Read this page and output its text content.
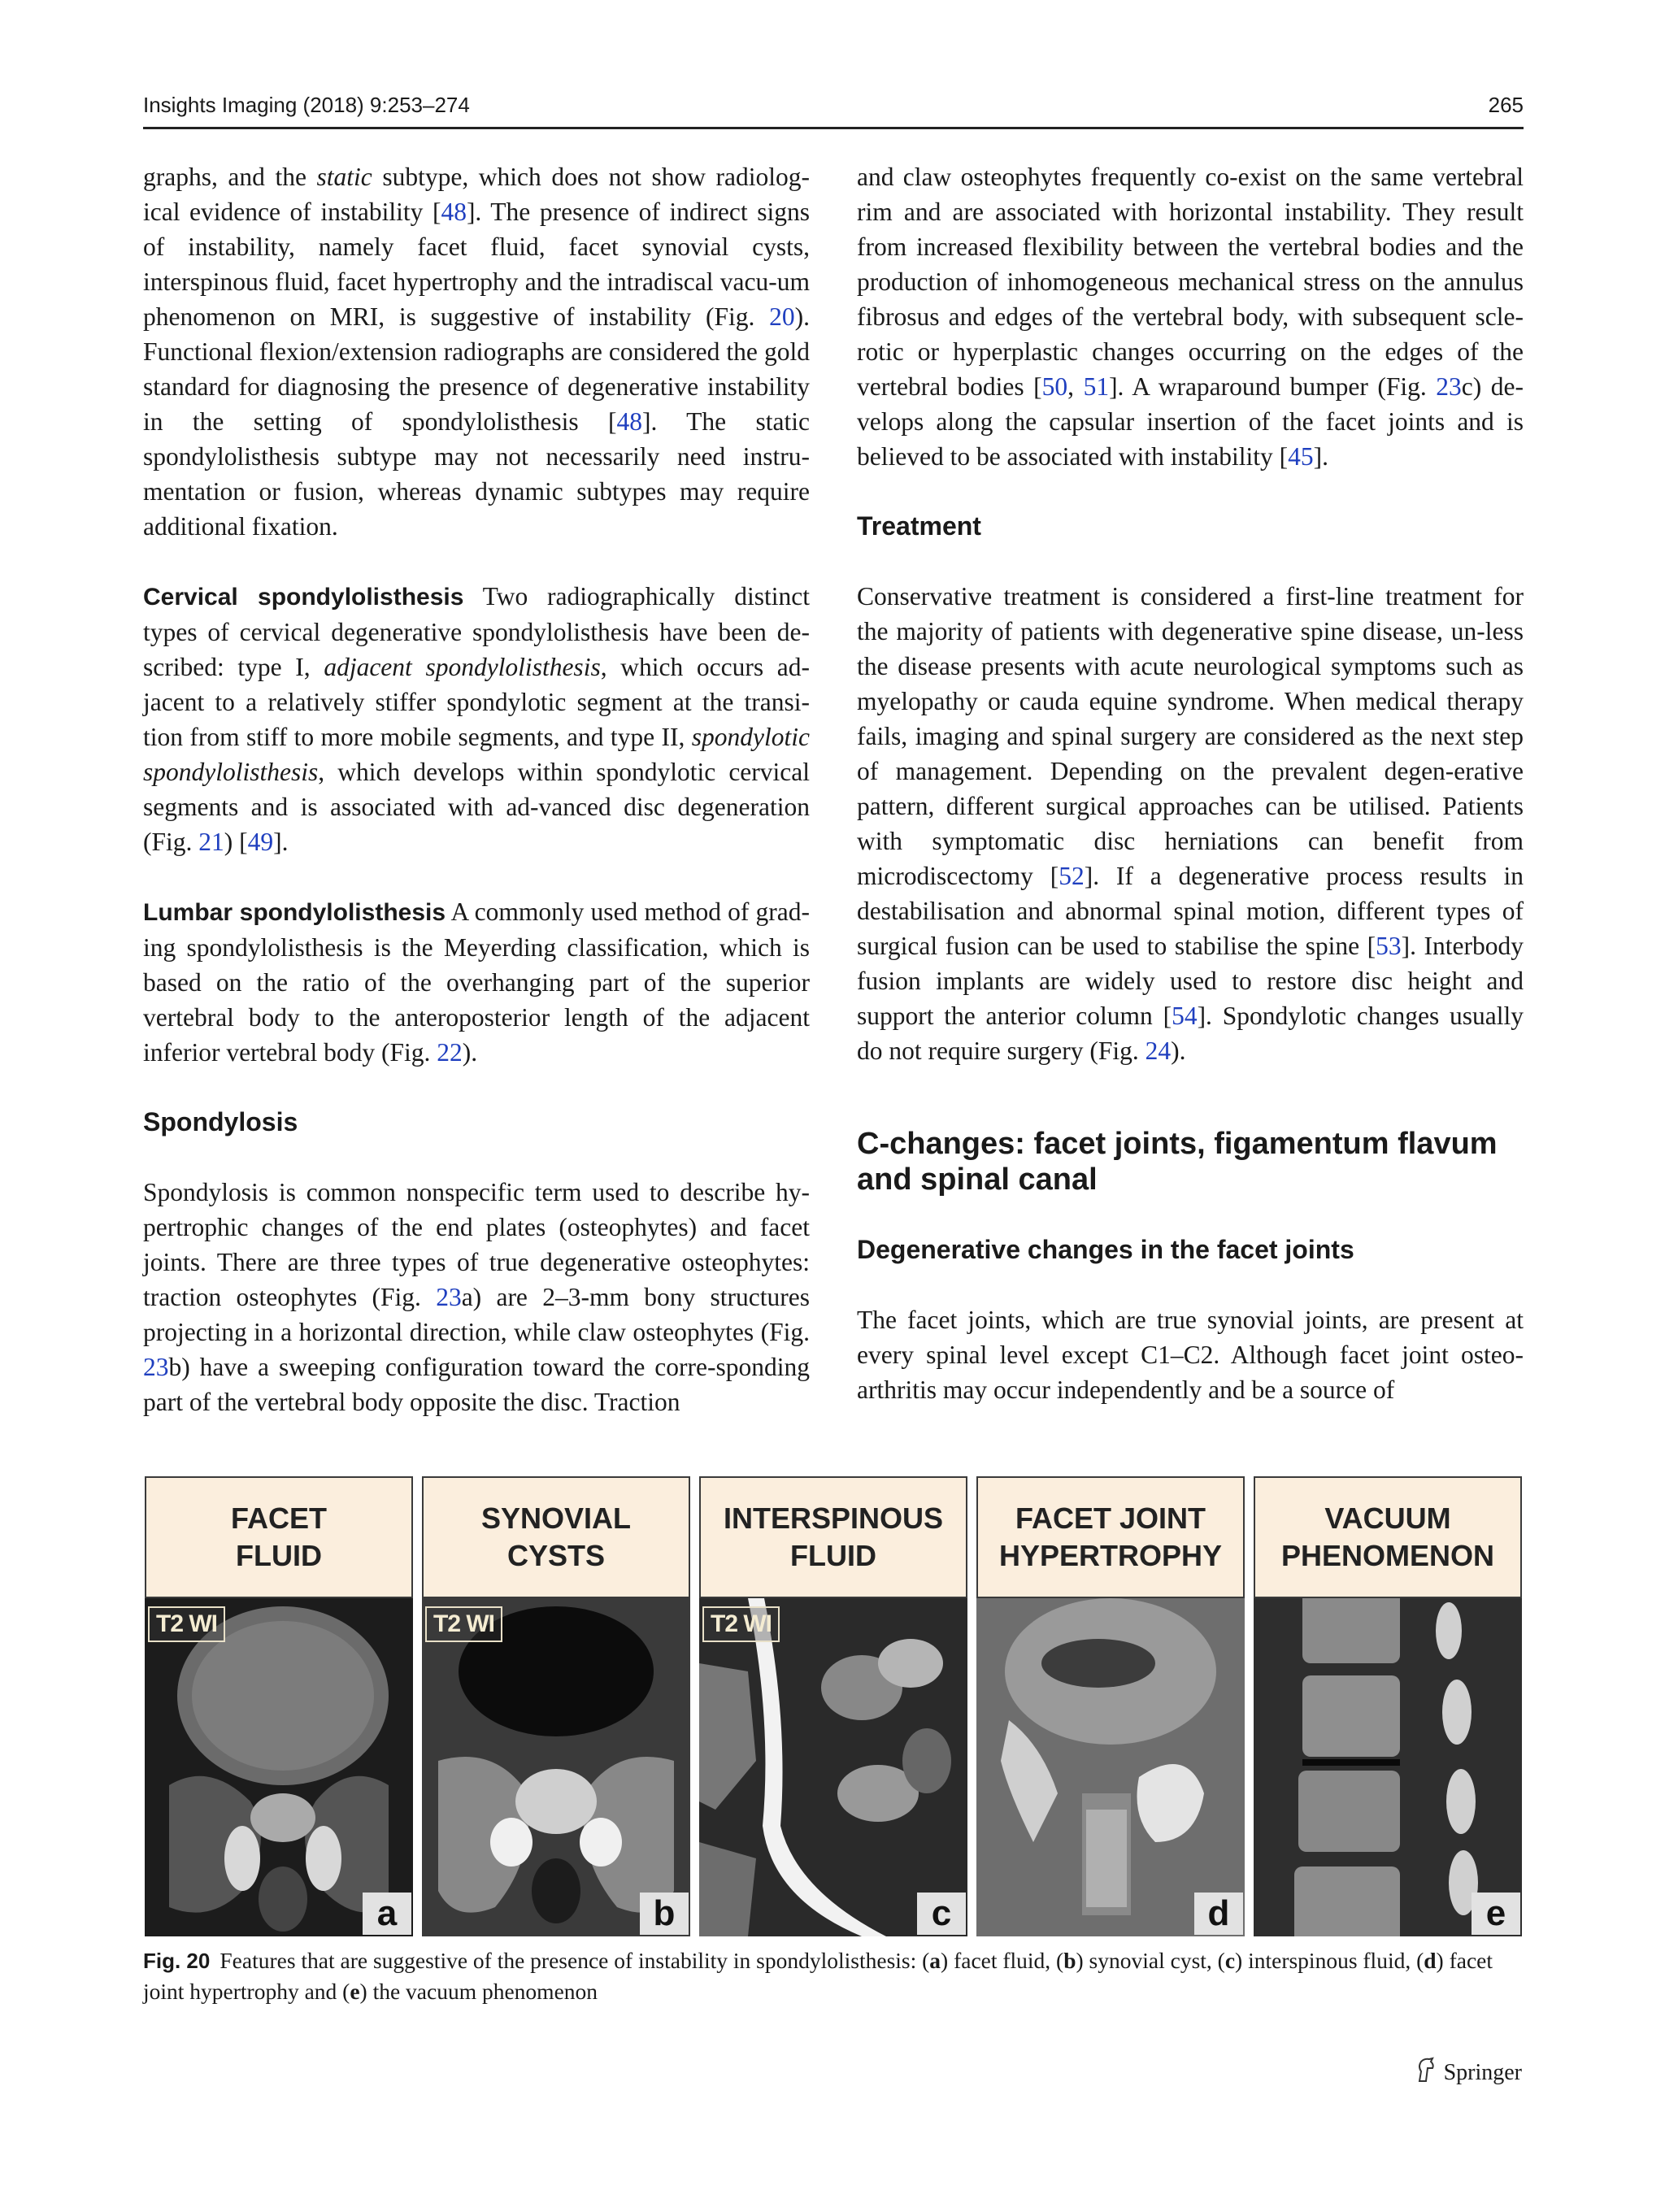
Insights Imaging (2018) 9:253–274	265

graphs, and the static subtype, which does not show radiolog-ical evidence of instability [48]. The presence of indirect signs of instability, namely facet fluid, facet synovial cysts, interspinous fluid, facet hypertrophy and the intradiscal vacu-um phenomenon on MRI, is suggestive of instability (Fig. 20). Functional flexion/extension radiographs are considered the gold standard for diagnosing the presence of degenerative instability in the setting of spondylolisthesis [48]. The static spondylolisthesis subtype may not necessarily need instru-mentation or fusion, whereas dynamic subtypes may require additional fixation.

Cervical spondylolisthesis Two radiographically distinct types of cervical degenerative spondylolisthesis have been de-scribed: type I, adjacent spondylolisthesis, which occurs ad-jacent to a relatively stiffer spondylotic segment at the transi-tion from stiff to more mobile segments, and type II, spondylotic spondylolisthesis, which develops within spondylotic cervical segments and is associated with ad-vanced disc degeneration (Fig. 21) [49].

Lumbar spondylolisthesis A commonly used method of grad-ing spondylolisthesis is the Meyerding classification, which is based on the ratio of the overhanging part of the superior vertebral body to the anteroposterior length of the adjacent inferior vertebral body (Fig. 22).

Spondylosis

Spondylosis is common nonspecific term used to describe hy-pertrophic changes of the end plates (osteophytes) and facet joints. There are three types of true degenerative osteophytes: traction osteophytes (Fig. 23a) are 2–3-mm bony structures projecting in a horizontal direction, while claw osteophytes (Fig. 23b) have a sweeping configuration toward the corre-sponding part of the vertebral body opposite the disc. Traction

and claw osteophytes frequently co-exist on the same vertebral rim and are associated with horizontal instability. They result from increased flexibility between the vertebral bodies and the production of inhomogeneous mechanical stress on the annulus fibrosus and edges of the vertebral body, with subsequent scle-rotic or hyperplastic changes occurring on the edges of the vertebral bodies [50, 51]. A wraparound bumper (Fig. 23c) de-velops along the capsular insertion of the facet joints and is believed to be associated with instability [45].

Treatment

Conservative treatment is considered a first-line treatment for the majority of patients with degenerative spine disease, un-less the disease presents with acute neurological symptoms such as myelopathy or cauda equine syndrome. When medical therapy fails, imaging and spinal surgery are considered as the next step of management. Depending on the prevalent degen-erative pattern, different surgical approaches can be utilised. Patients with symptomatic disc herniations can benefit from microdiscectomy [52]. If a degenerative process results in destabilisation and abnormal spinal motion, different types of surgical fusion can be used to stabilise the spine [53]. Interbody fusion implants are widely used to restore disc height and support the anterior column [54]. Spondylotic changes usually do not require surgery (Fig. 24).

C-changes: facet joints, figamentum flavum and spinal canal
Degenerative changes in the facet joints

The facet joints, which are true synovial joints, are present at every spinal level except C1–C2. Although facet joint osteo-arthritis may occur independently and be a source of

FACET
FLUID
T2 WI
a
SYNOVIAL
CYSTS
T2 WI
b
INTERSPINOUS
FLUID
T2 WI
c
FACET JOINT
HYPERTROPHY
d
VACUUM
PHENOMENON
e
Fig. 20 Features that are suggestive of the presence of instability in spondylolisthesis: (a) facet fluid, (b) synovial cyst, (c) interspinous fluid, (d) facet joint hypertrophy and (e) the vacuum phenomenon
Springer
